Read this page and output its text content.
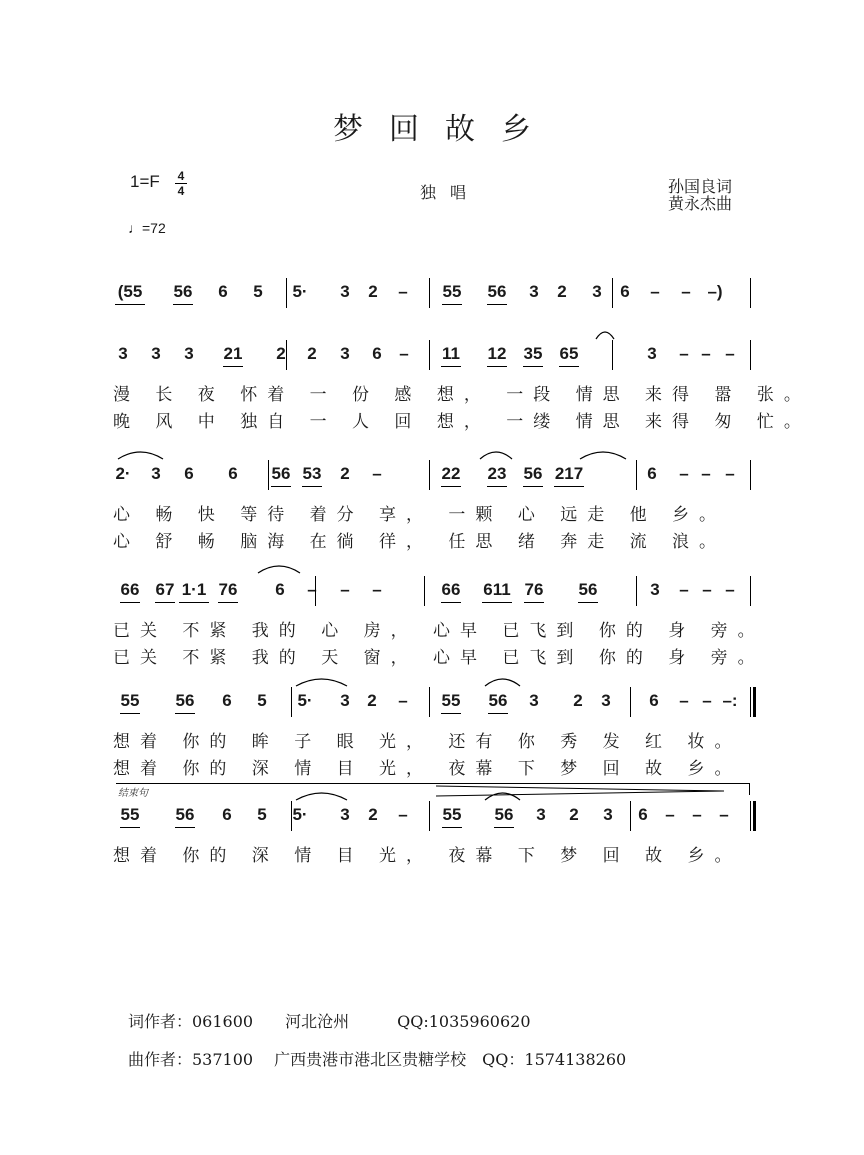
梦回故乡
1=F 4
4
♩=72
独唱	孙国良词
黄永杰曲
(55 56 6 5 5· 3 2 – 55 56 3 2 3 6 – – –)
3 3 3 21 2 2 3 6 – 11 12 35 65	3 – – –
漫 长 夜 怀着 一 份 感 想， 一段 情思 来得 嚣 张。
晚 风 中 独自 一 人 回 想， 一缕 情思 来得 匆 忙。
2· 3 6 6 56 53 2 –	22 23 56 217	6 – – –
心 畅 快 等待 着分 享， 一颗 心 远走 他 乡。
心 舒 畅 脑海 在徜 徉， 任思 绪 奔走 流 浪。
66 67 1·1 76 6 – – –	66 611 76 56	3 – – –
已关 不紧 我的 心 房， 心早 已飞到 你的 身 旁。
已关 不紧 我的 天 窗， 心早 已飞到 你的 身 旁。
55 56 6 5 5· 3 2 – 55 56 3 2 3 6 – – –:
想着 你的 眸 子 眼 光， 还有 你 秀 发 红 妆。
想着 你的 深 情 目 光， 夜幕 下 梦 回 故 乡。
55 56 6 5 5· 3 2 – 55 56 3 2 3 6 – – –
想着 你的 深 情 目 光， 夜幕 下 梦 回 故 乡。
结束句
词作者：061600　　河北沧州　　　QQ:1035960620
曲作者：537100　 广西贵港市港北区贵糖学校　QQ：1574138260
